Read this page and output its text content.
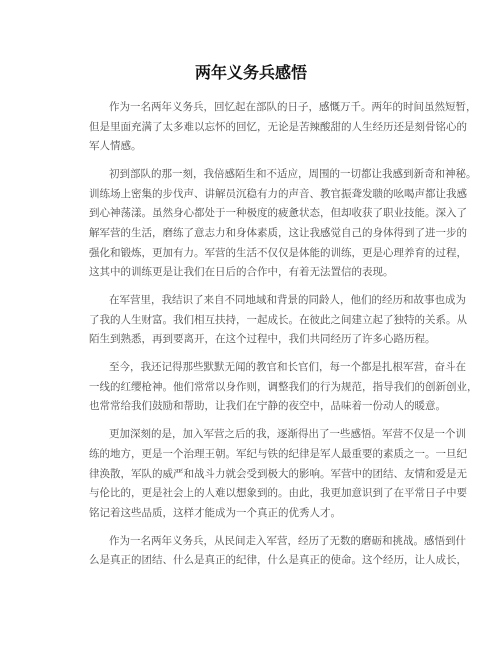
两年义务兵感悟

作为一名两年义务兵，回忆起在部队的日子，感慨万千。两年的时间虽然短暂，
但是里面充满了太多难以忘怀的回忆，无论是苦辣酸甜的人生经历还是刻骨铭心的
军人情感。

初到部队的那一刻，我倍感陌生和不适应，周围的一切都让我感到新奇和神秘。
训练场上密集的步伐声、讲解员沉稳有力的声音、教官振聋发聩的吆喝声都让我感
到心神荡漾。虽然身心都处于一种极度的疲惫状态，但却收获了职业技能。深入了
解军营的生活，磨练了意志力和身体素质，这让我感觉自己的身体得到了进一步的
强化和锻炼，更加有力。军营的生活不仅仅是体能的训练，更是心理养育的过程，
这其中的训练更是让我们在日后的合作中，有着无法置信的表现。

在军营里，我结识了来自不同地域和背景的同龄人，他们的经历和故事也成为
了我的人生财富。我们相互扶持，一起成长。在彼此之间建立起了独特的关系。从
陌生到熟悉，再到要离开，在这个过程中，我们共同经历了许多心路历程。

至今，我还记得那些默默无闻的教官和长官们，每一个都是扎根军营，奋斗在
一线的红缨枪神。他们常常以身作则，调整我们的行为规范，指导我们的创新创业，
也常常给我们鼓励和帮助，让我们在宁静的夜空中，品味着一份动人的暖意。

更加深刻的是，加入军营之后的我，逐渐得出了一些感悟。军营不仅是一个训
练的地方，更是一个治理王朝。军纪与铁的纪律是军人最重要的素质之一。一旦纪
律涣散，军队的威严和战斗力就会受到极大的影响。军营中的团结、友情和爱是无
与伦比的，更是社会上的人难以想象到的。由此，我更加意识到了在平常日子中要
铭记着这些品质，这样才能成为一个真正的优秀人才。

作为一名两年义务兵，从民间走入军营，经历了无数的磨砺和挑战。感悟到什
么是真正的团结、什么是真正的纪律，什么是真正的使命。这个经历，让人成长，
